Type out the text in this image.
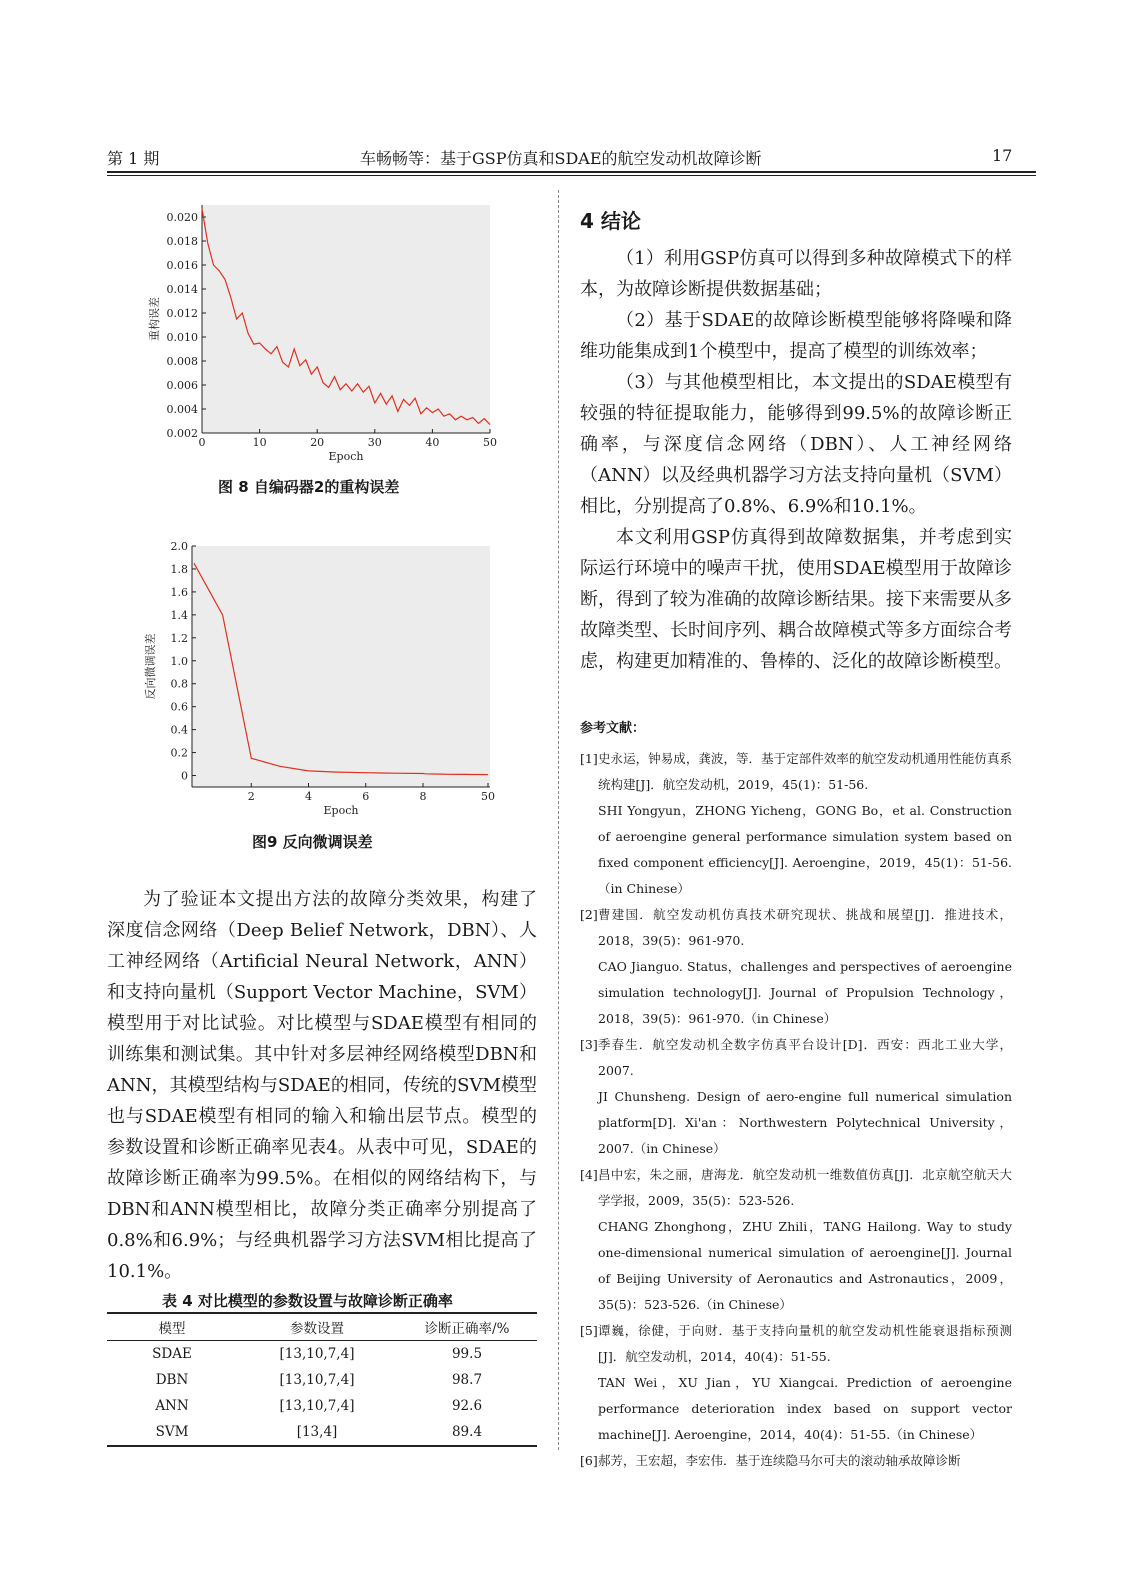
第 1 期	车畅畅等：基于GSP仿真和SDAE的航空发动机故障诊断	17
0.002
0.004
0.006
0.008
0.010
0.012
0.014
0.016
0.018
0.020
0	10	20	30	40	50
Epoch
重构误差
图 8 自编码器2的重构误差
0
0.2
0.4
0.6
0.8
1.0
1.2
1.4
1.6
1.8
2.0
2	4	6	8	50
Epoch
反向微调误差
图9 反向微调误差

为了验证本文提出方法的故障分类效果，构建了深度信念网络（Deep Belief Network，DBN）、人工神经网络（Artificial Neural Network，ANN）和支持向量机（Support Vector Machine，SVM）模型用于对比试验。对比模型与SDAE模型有相同的训练集和测试集。其中针对多层神经网络模型DBN和ANN，其模型结构与SDAE的相同，传统的SVM模型也与SDAE模型有相同的输入和输出层节点。模型的参数设置和诊断正确率见表4。从表中可见，SDAE的故障诊断正确率为99.5%。在相似的网络结构下，与DBN和ANN模型相比，故障分类正确率分别提高了0.8%和6.9%；与经典机器学习方法SVM相比提高了10.1%。

表 4 对比模型的参数设置与故障诊断正确率
模型	参数设置	诊断正确率/%
SDAE	[13,10,7,4]	99.5
DBN	[13,10,7,4]	98.7
ANN	[13,10,7,4]	92.6
SVM	[13,4]	89.4
4 结论

（1）利用GSP仿真可以得到多种故障模式下的样本，为故障诊断提供数据基础；

（2）基于SDAE的故障诊断模型能够将降噪和降维功能集成到1个模型中，提高了模型的训练效率；

（3）与其他模型相比，本文提出的SDAE模型有较强的特征提取能力，能够得到99.5%的故障诊断正确率，与深度信念网络（DBN）、人工神经网络（ANN）以及经典机器学习方法支持向量机（SVM）相比，分别提高了0.8%、6.9%和10.1%。

本文利用GSP仿真得到故障数据集，并考虑到实际运行环境中的噪声干扰，使用SDAE模型用于故障诊断，得到了较为准确的故障诊断结果。接下来需要从多故障类型、长时间序列、耦合故障模式等多方面综合考虑，构建更加精准的、鲁棒的、泛化的故障诊断模型。

参考文献：
[1] 史永运，钟易成，龚波，等．基于定部件效率的航空发动机通用性能仿真系统构建[J]．航空发动机，2019，45(1)：51-56.
SHI Yongyun，ZHONG Yicheng，GONG Bo，et al. Construction of aeroengine general performance simulation system based on fixed component efficiency[J]. Aeroengine，2019，45(1)：51-56.（in Chinese）
[2] 曹建国．航空发动机仿真技术研究现状、挑战和展望[J]．推进技术，2018，39(5)：961-970.
CAO Jianguo. Status，challenges and perspectives of aeroengine simulation technology[J]. Journal of Propulsion Technology，2018，39(5)：961-970.（in Chinese）
[3] 季春生．航空发动机全数字仿真平台设计[D]．西安：西北工业大学，2007.
JI Chunsheng. Design of aero-engine full numerical simulation platform[D]. Xi'an：Northwestern Polytechnical University，2007.（in Chinese）
[4] 昌中宏，朱之丽，唐海龙．航空发动机一维数值仿真[J]．北京航空航天大学学报，2009，35(5)：523-526.
CHANG Zhonghong，ZHU Zhili，TANG Hailong. Way to study one-dimensional numerical simulation of aeroengine[J]. Journal of Beijing University of Aeronautics and Astronautics，2009，35(5)：523-526.（in Chinese）
[5] 谭巍，徐健，于向财．基于支持向量机的航空发动机性能衰退指标预测[J]．航空发动机，2014，40(4)：51-55.
TAN Wei，XU Jian，YU Xiangcai. Prediction of aeroengine performance deterioration index based on support vector machine[J]. Aeroengine，2014，40(4)：51-55.（in Chinese）
[6] 郝芳，王宏超，李宏伟．基于连续隐马尔可夫的滚动轴承故障诊断
